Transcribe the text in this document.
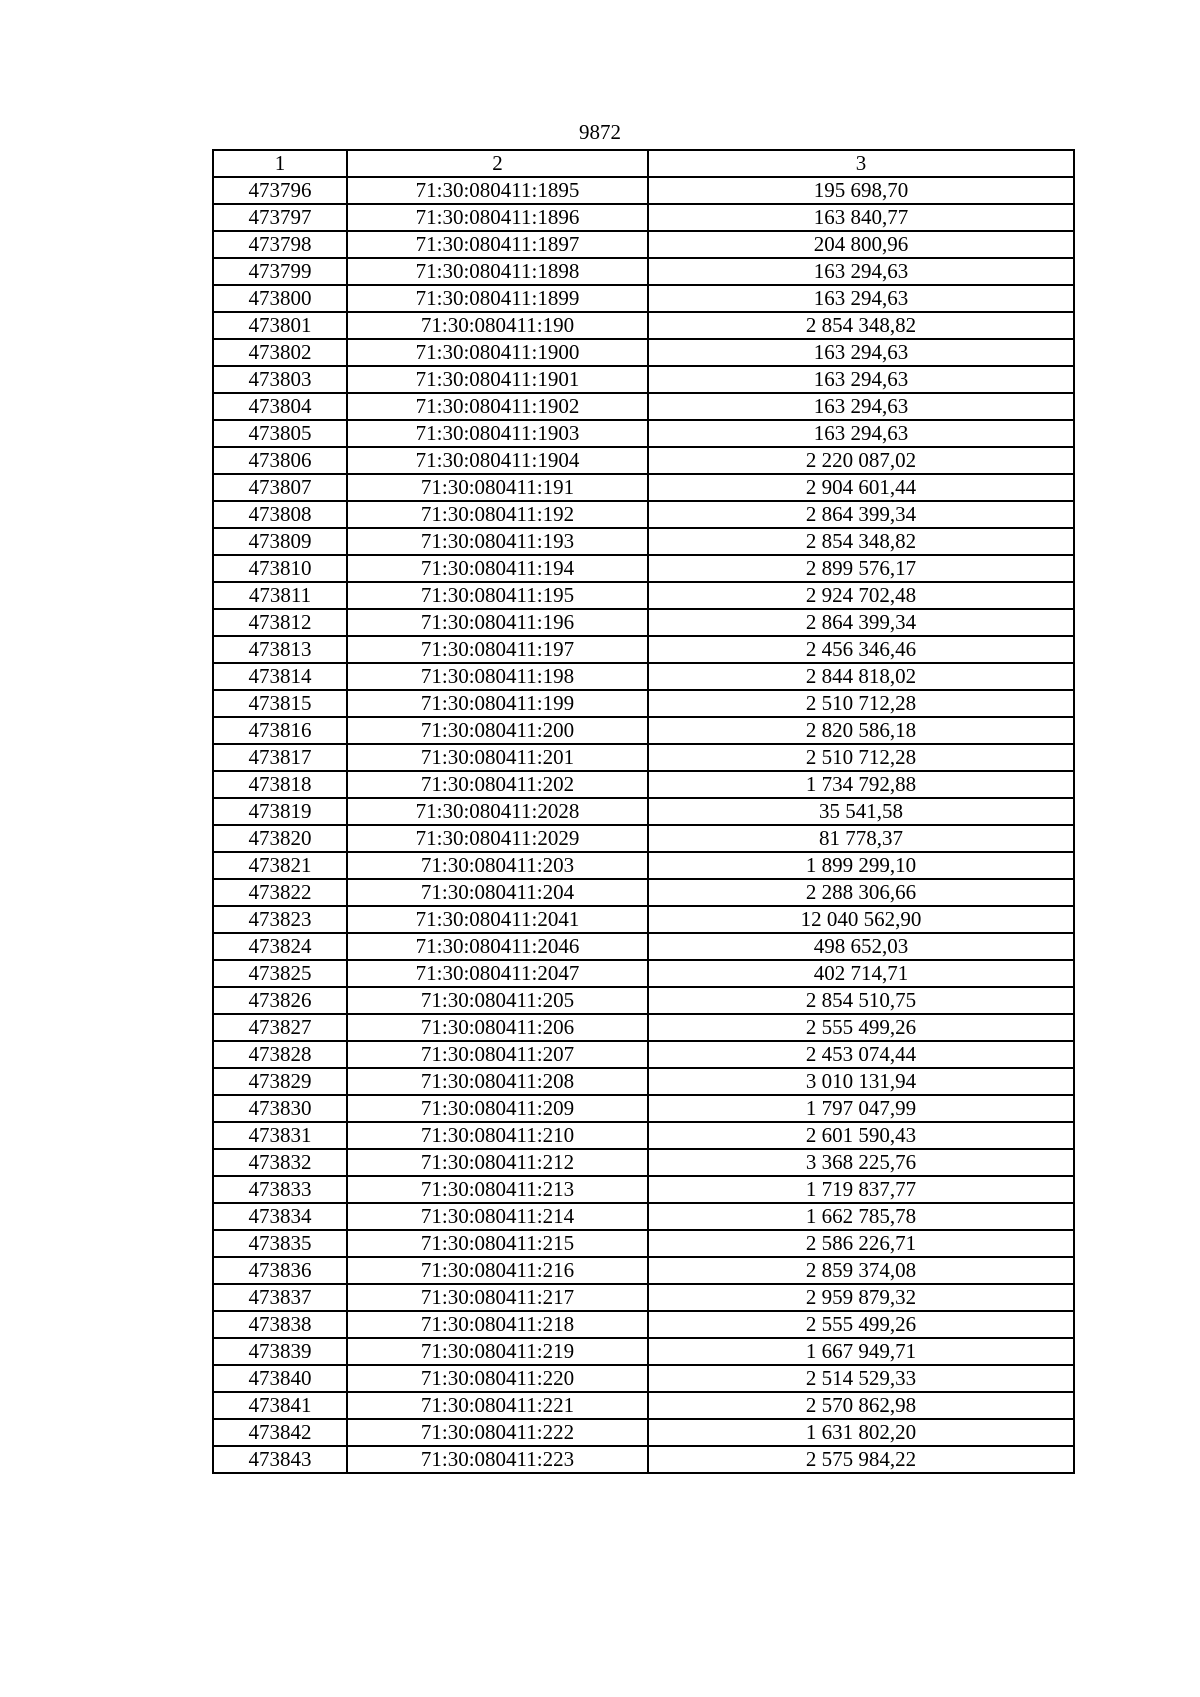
9872
1	2	3
473796	71:30:080411:1895	195 698,70
473797	71:30:080411:1896	163 840,77
473798	71:30:080411:1897	204 800,96
473799	71:30:080411:1898	163 294,63
473800	71:30:080411:1899	163 294,63
473801	71:30:080411:190	2 854 348,82
473802	71:30:080411:1900	163 294,63
473803	71:30:080411:1901	163 294,63
473804	71:30:080411:1902	163 294,63
473805	71:30:080411:1903	163 294,63
473806	71:30:080411:1904	2 220 087,02
473807	71:30:080411:191	2 904 601,44
473808	71:30:080411:192	2 864 399,34
473809	71:30:080411:193	2 854 348,82
473810	71:30:080411:194	2 899 576,17
473811	71:30:080411:195	2 924 702,48
473812	71:30:080411:196	2 864 399,34
473813	71:30:080411:197	2 456 346,46
473814	71:30:080411:198	2 844 818,02
473815	71:30:080411:199	2 510 712,28
473816	71:30:080411:200	2 820 586,18
473817	71:30:080411:201	2 510 712,28
473818	71:30:080411:202	1 734 792,88
473819	71:30:080411:2028	35 541,58
473820	71:30:080411:2029	81 778,37
473821	71:30:080411:203	1 899 299,10
473822	71:30:080411:204	2 288 306,66
473823	71:30:080411:2041	12 040 562,90
473824	71:30:080411:2046	498 652,03
473825	71:30:080411:2047	402 714,71
473826	71:30:080411:205	2 854 510,75
473827	71:30:080411:206	2 555 499,26
473828	71:30:080411:207	2 453 074,44
473829	71:30:080411:208	3 010 131,94
473830	71:30:080411:209	1 797 047,99
473831	71:30:080411:210	2 601 590,43
473832	71:30:080411:212	3 368 225,76
473833	71:30:080411:213	1 719 837,77
473834	71:30:080411:214	1 662 785,78
473835	71:30:080411:215	2 586 226,71
473836	71:30:080411:216	2 859 374,08
473837	71:30:080411:217	2 959 879,32
473838	71:30:080411:218	2 555 499,26
473839	71:30:080411:219	1 667 949,71
473840	71:30:080411:220	2 514 529,33
473841	71:30:080411:221	2 570 862,98
473842	71:30:080411:222	1 631 802,20
473843	71:30:080411:223	2 575 984,22
